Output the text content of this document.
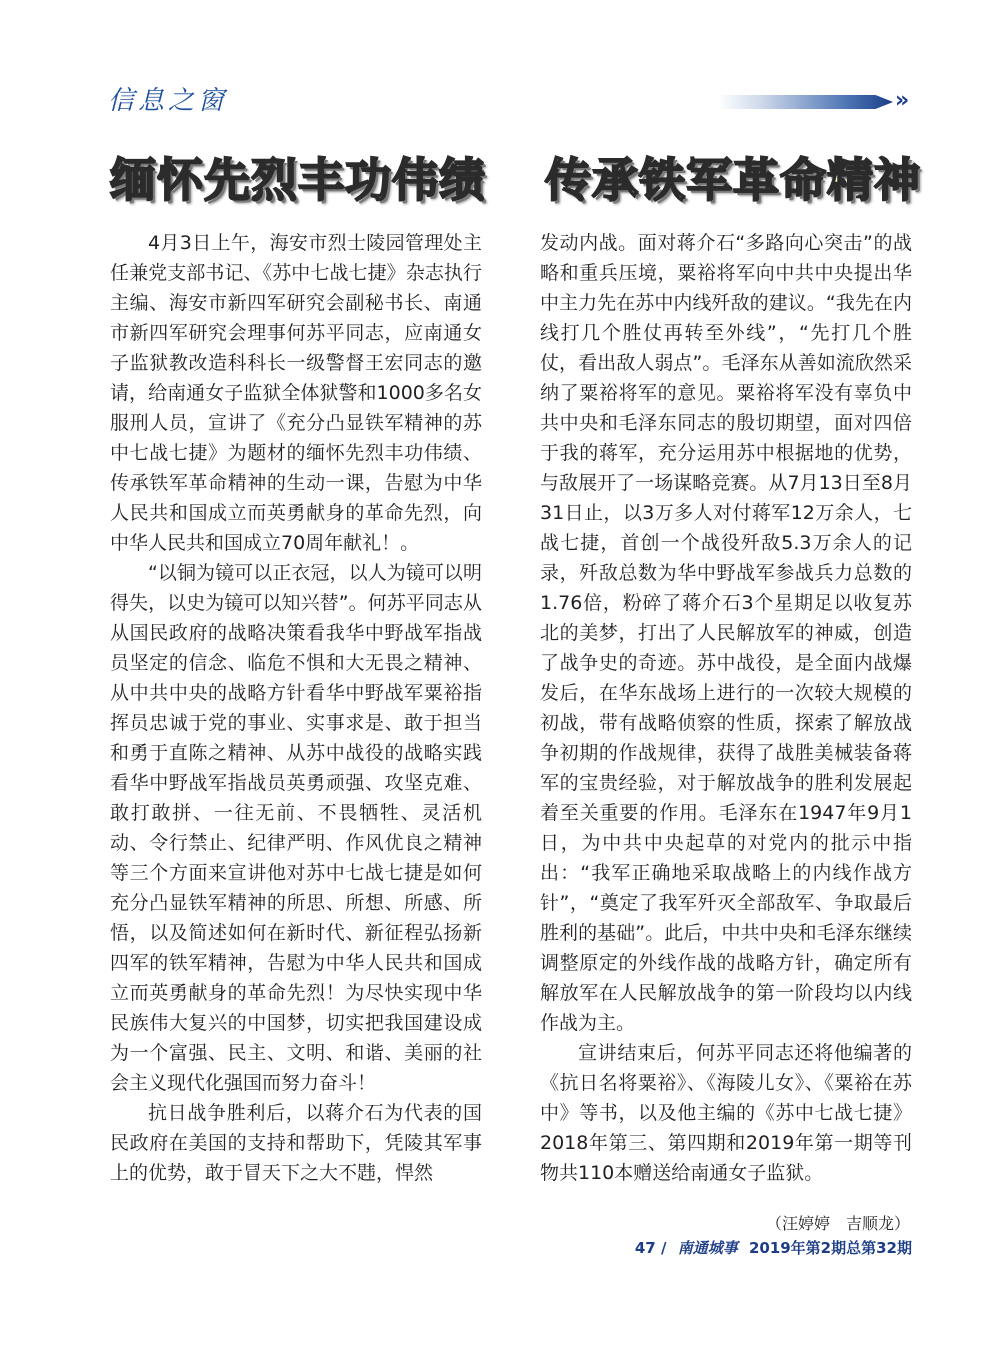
信息之窗	»
缅怀先烈丰功伟绩 传承铁军革命精神

4月3日上午，海安市烈士陵园管理处主任兼党支部书记、《苏中七战七捷》杂志执行主编、海安市新四军研究会副秘书长、南通市新四军研究会理事何苏平同志，应南通女子监狱教改造科科长一级警督王宏同志的邀请，给南通女子监狱全体狱警和1000多名女服刑人员，宣讲了《充分凸显铁军精神的苏中七战七捷》为题材的缅怀先烈丰功伟绩、传承铁军革命精神的生动一课，告慰为中华人民共和国成立而英勇献身的革命先烈，向中华人民共和国成立70周年献礼！。

“以铜为镜可以正衣冠，以人为镜可以明得失，以史为镜可以知兴替”。何苏平同志从从国民政府的战略决策看我华中野战军指战员坚定的信念、临危不惧和大无畏之精神、从中共中央的战略方针看华中野战军粟裕指挥员忠诚于党的事业、实事求是、敢于担当和勇于直陈之精神、从苏中战役的战略实践看华中野战军指战员英勇顽强、攻坚克难、敢打敢拼、一往无前、不畏牺牲、灵活机动、令行禁止、纪律严明、作风优良之精神等三个方面来宣讲他对苏中七战七捷是如何充分凸显铁军精神的所思、所想、所感、所悟，以及简述如何在新时代、新征程弘扬新四军的铁军精神，告慰为中华人民共和国成立而英勇献身的革命先烈！为尽快实现中华民族伟大复兴的中国梦，切实把我国建设成为一个富强、民主、文明、和谐、美丽的社会主义现代化强国而努力奋斗！

抗日战争胜利后，以蒋介石为代表的国民政府在美国的支持和帮助下，凭陵其军事上的优势，敢于冒天下之大不韪，悍然

发动内战。面对蒋介石“多路向心突击”的战略和重兵压境，粟裕将军向中共中央提出华中主力先在苏中内线歼敌的建议。“我先在内线打几个胜仗再转至外线”，“先打几个胜仗，看出敌人弱点”。毛泽东从善如流欣然采纳了粟裕将军的意见。粟裕将军没有辜负中共中央和毛泽东同志的殷切期望，面对四倍于我的蒋军，充分运用苏中根据地的优势，与敌展开了一场谋略竞赛。从7月13日至8月31日止，以3万多人对付蒋军12万余人，七战七捷，首创一个战役歼敌5.3万余人的记录，歼敌总数为华中野战军参战兵力总数的1.76倍，粉碎了蒋介石3个星期足以收复苏北的美梦，打出了人民解放军的神威，创造了战争史的奇迹。苏中战役，是全面内战爆发后，在华东战场上进行的一次较大规模的初战，带有战略侦察的性质，探索了解放战争初期的作战规律，获得了战胜美械装备蒋军的宝贵经验，对于解放战争的胜利发展起着至关重要的作用。毛泽东在1947年9月1日，为中共中央起草的对党内的批示中指出：“我军正确地采取战略上的内线作战方针”，“奠定了我军歼灭全部敌军、争取最后胜利的基础”。此后，中共中央和毛泽东继续调整原定的外线作战的战略方针，确定所有解放军在人民解放战争的第一阶段均以内线作战为主。

宣讲结束后，何苏平同志还将他编著的《抗日名将粟裕》、《海陵儿女》、《粟裕在苏中》等书，以及他主编的《苏中七战七捷》2018年第三、第四期和2019年第一期等刊物共110本赠送给南通女子监狱。

（汪婷婷　吉顺龙）
47 / 南通城事 2019年第2期总第32期
